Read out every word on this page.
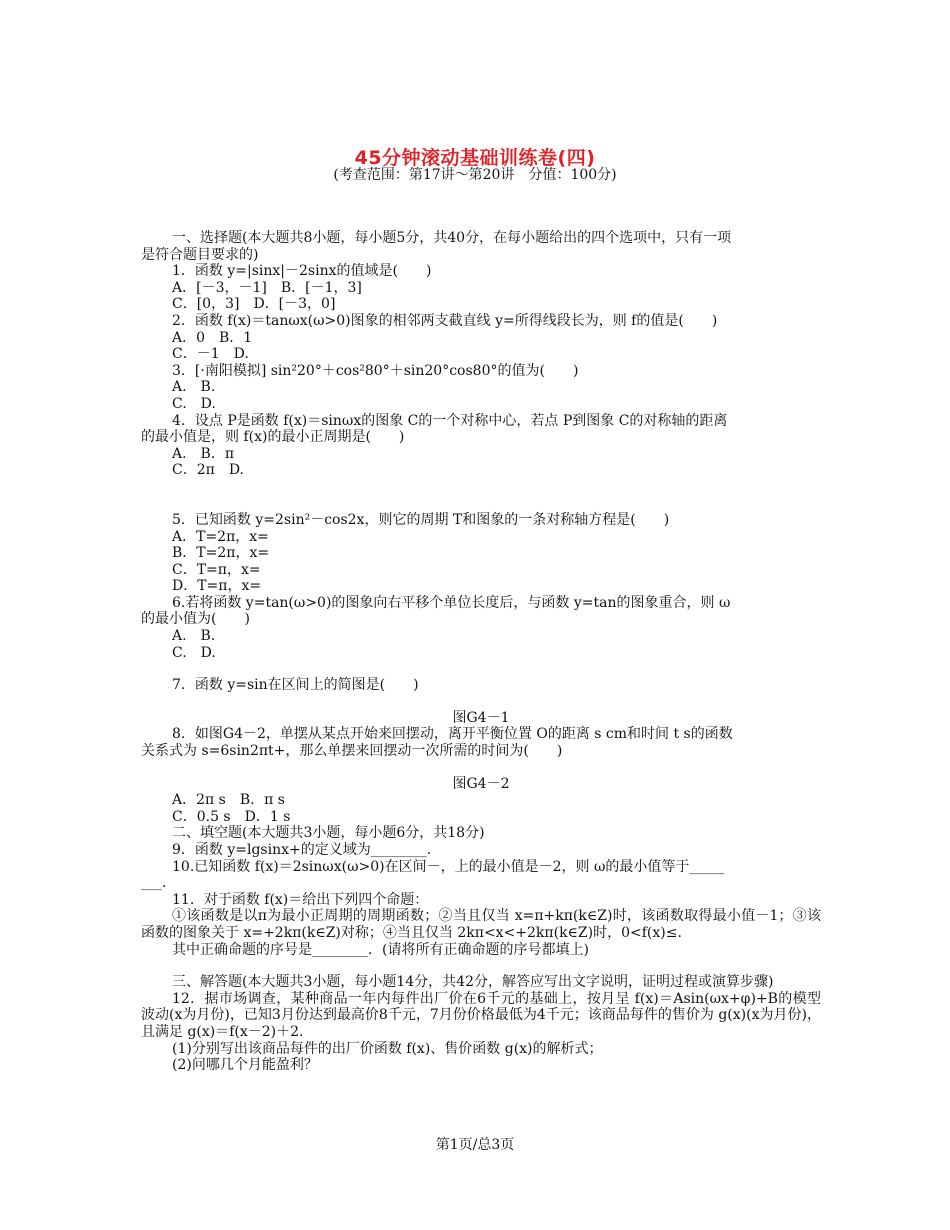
45分钟滚动基础训练卷(四)
(考查范围：第17讲～第20讲　分值：100分)
一、选择题(本大题共8小题，每小题5分，共40分，在每小题给出的四个选项中，只有一项
是符合题目要求的)
1．函数 y=|sinx|－2sinx的值域是(　　)
A．[－3，－1]　B．[－1，3]
C．[0，3]　D．[－3，0]
2．函数 f(x)＝tanωx(ω>0)图象的相邻两支截直线 y=所得线段长为，则 f的值是(　　)
A．0　B．1
C．－1　D.
3．[·南阳模拟] sin²20°＋cos²80°＋sin20°cos80°的值为(　　)
A.　B.
C.　D.
4．设点 P是函数 f(x)＝sinωx的图象 C的一个对称中心，若点 P到图象 C的对称轴的距离
的最小值是，则 f(x)的最小正周期是(　　)
A.　B．π
C．2π　D.
5．已知函数 y=2sin²－cos2x，则它的周期 T和图象的一条对称轴方程是(　　)
A．T=2π，x=
B．T=2π，x=
C．T=π，x=
D．T=π，x=
6.若将函数 y=tan(ω>0)的图象向右平移个单位长度后，与函数 y=tan的图象重合，则 ω
的最小值为(　　)
A.　B.
C.　D.
7．函数 y=sin在区间上的简图是(　　)
图G4－1
8．如图G4－2，单摆从某点开始来回摆动，离开平衡位置 O的距离 s cm和时间 t s的函数
关系式为 s=6sin2πt+，那么单摆来回摆动一次所需的时间为(　　)
图G4－2
A．2π s　B．π s
C．0.5 s　D．1 s
二、填空题(本大题共3小题，每小题6分，共18分)
9．函数 y=lgsinx+的定义域为________.
10.已知函数 f(x)＝2sinωx(ω>0)在区间－，上的最小值是－2，则 ω的最小值等于_____
___.
11．对于函数 f(x)＝给出下列四个命题：
①该函数是以π为最小正周期的周期函数；②当且仅当 x=π+kπ(k∈Z)时，该函数取得最小值－1；③该函数的图象关于 x=+2kπ(k∈Z)对称；④当且仅当 2kπ<x<+2kπ(k∈Z)时，0<f(x)≤.
其中正确命题的序号是________．(请将所有正确命题的序号都填上)
三、解答题(本大题共3小题，每小题14分，共42分，解答应写出文字说明，证明过程或演算步骤)
12．据市场调查，某种商品一年内每件出厂价在6千元的基础上，按月呈 f(x)＝Asin(ωx+φ)+B的模型波动(x为月份)，已知3月份达到最高价8千元，7月份价格最低为4千元；该商品每件的售价为 g(x)(x为月份)，且满足 g(x)＝f(x－2)＋2.
(1)分别写出该商品每件的出厂价函数 f(x)、售价函数 g(x)的解析式；
(2)问哪几个月能盈利？
第1页/总3页
